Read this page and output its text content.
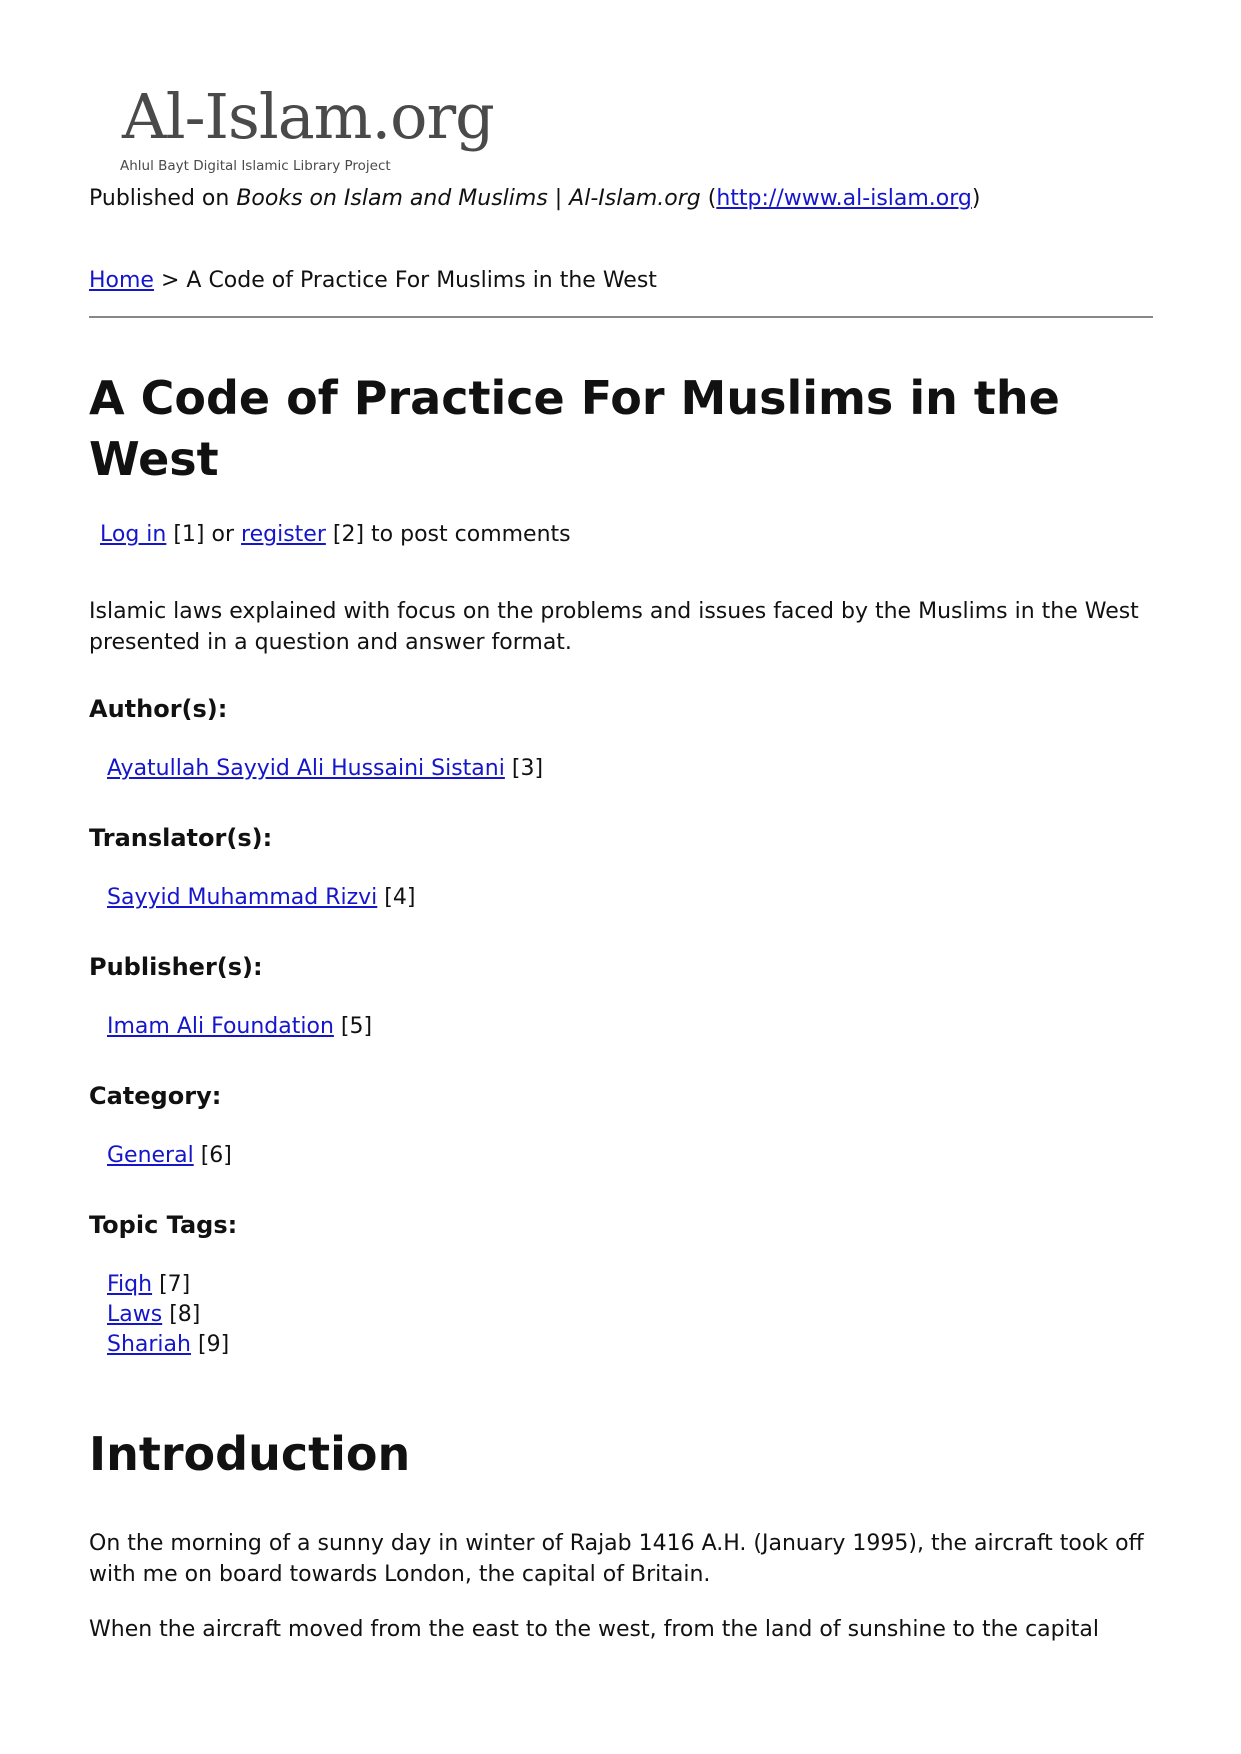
Al-Islam.org
Ahlul Bayt Digital Islamic Library Project
Published on Books on Islam and Muslims | Al-Islam.org (http://www.al-islam.org)
Home > A Code of Practice For Muslims in the West
A Code of Practice For Muslims in the West
Log in [1] or register [2] to post comments

Islamic laws explained with focus on the problems and issues faced by the Muslims in the West presented in a question and answer format.

Author(s):
Ayatullah Sayyid Ali Hussaini Sistani [3]
Translator(s):
Sayyid Muhammad Rizvi [4]
Publisher(s):
Imam Ali Foundation [5]
Category:
General [6]
Topic Tags:
Fiqh [7]
Laws [8]
Shariah [9]
Introduction

On the morning of a sunny day in winter of Rajab 1416 A.H. (January 1995), the aircraft took off with me on board towards London, the capital of Britain.

When the aircraft moved from the east to the west, from the land of sunshine to the capital
